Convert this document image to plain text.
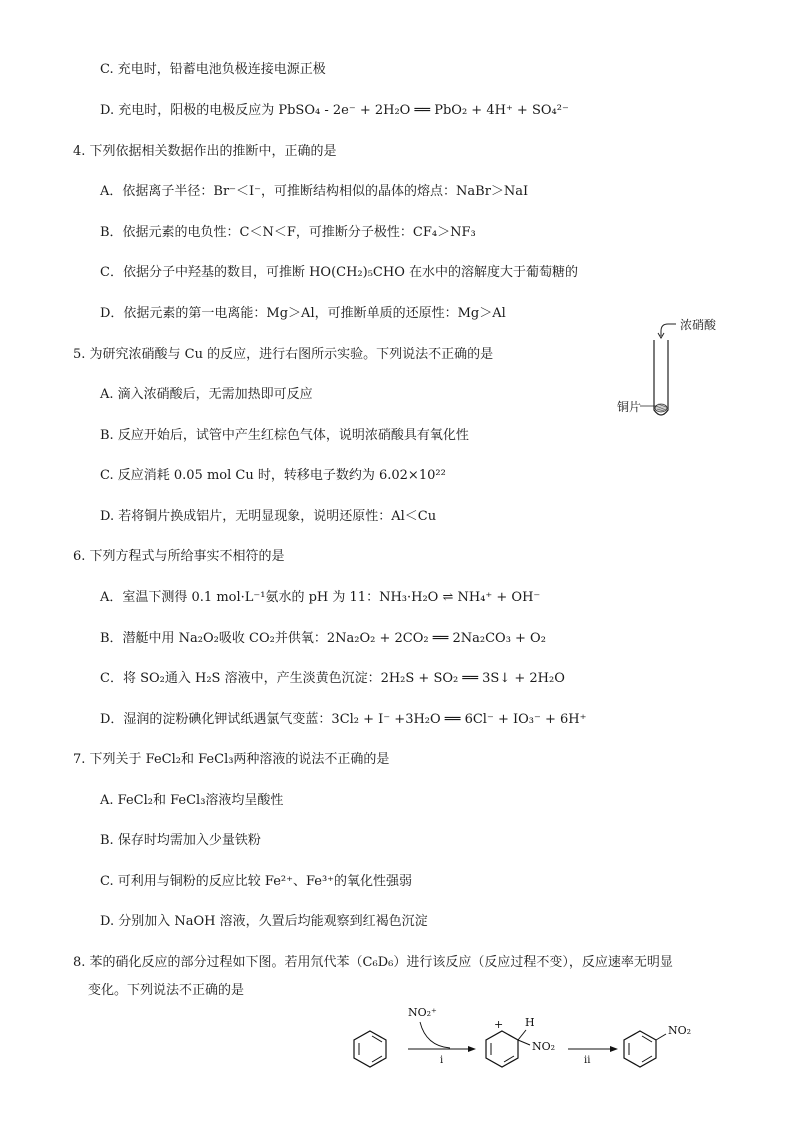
C. 充电时，铅蓄电池负极连接电源正极
D. 充电时，阳极的电极反应为 PbSO₄ - 2e⁻ + 2H₂O ══ PbO₂ + 4H⁺ + SO₄²⁻
4. 下列依据相关数据作出的推断中，正确的是
A．依据离子半径：Br⁻＜I⁻，可推断结构相似的晶体的熔点：NaBr＞NaI
B．依据元素的电负性：C＜N＜F，可推断分子极性：CF₄＞NF₃
C．依据分子中羟基的数目，可推断 HO(CH₂)₅CHO 在水中的溶解度大于葡萄糖的
D．依据元素的第一电离能：Mg＞Al，可推断单质的还原性：Mg＞Al
5. 为研究浓硝酸与 Cu 的反应，进行右图所示实验。下列说法不正确的是
A. 滴入浓硝酸后，无需加热即可反应
B. 反应开始后，试管中产生红棕色气体，说明浓硝酸具有氧化性
C. 反应消耗 0.05 mol Cu 时，转移电子数约为 6.02×10²²
D. 若将铜片换成铝片，无明显现象，说明还原性：Al＜Cu
6. 下列方程式与所给事实不相符的是
A．室温下测得 0.1 mol·L⁻¹氨水的 pH 为 11：NH₃·H₂O ⇌ NH₄⁺ + OH⁻
B．潜艇中用 Na₂O₂吸收 CO₂并供氧：2Na₂O₂ + 2CO₂ ══ 2Na₂CO₃ + O₂
C．将 SO₂通入 H₂S 溶液中，产生淡黄色沉淀：2H₂S + SO₂ ══ 3S↓ + 2H₂O
D．湿润的淀粉碘化钾试纸遇氯气变蓝：3Cl₂ + I⁻ +3H₂O ══ 6Cl⁻ + IO₃⁻ + 6H⁺
7. 下列关于 FeCl₂和 FeCl₃两种溶液的说法不正确的是
A. FeCl₂和 FeCl₃溶液均呈酸性
B. 保存时均需加入少量铁粉
C. 可利用与铜粉的反应比较 Fe²⁺、Fe³⁺的氧化性强弱
D. 分别加入 NaOH 溶液，久置后均能观察到红褐色沉淀
8. 苯的硝化反应的部分过程如下图。若用氘代苯（C₆D₆）进行该反应（反应过程不变），反应速率无明显
变化。下列说法不正确的是
浓硝酸
铜片
NO₂⁺
i
+ H
NO₂
ii
NO₂
